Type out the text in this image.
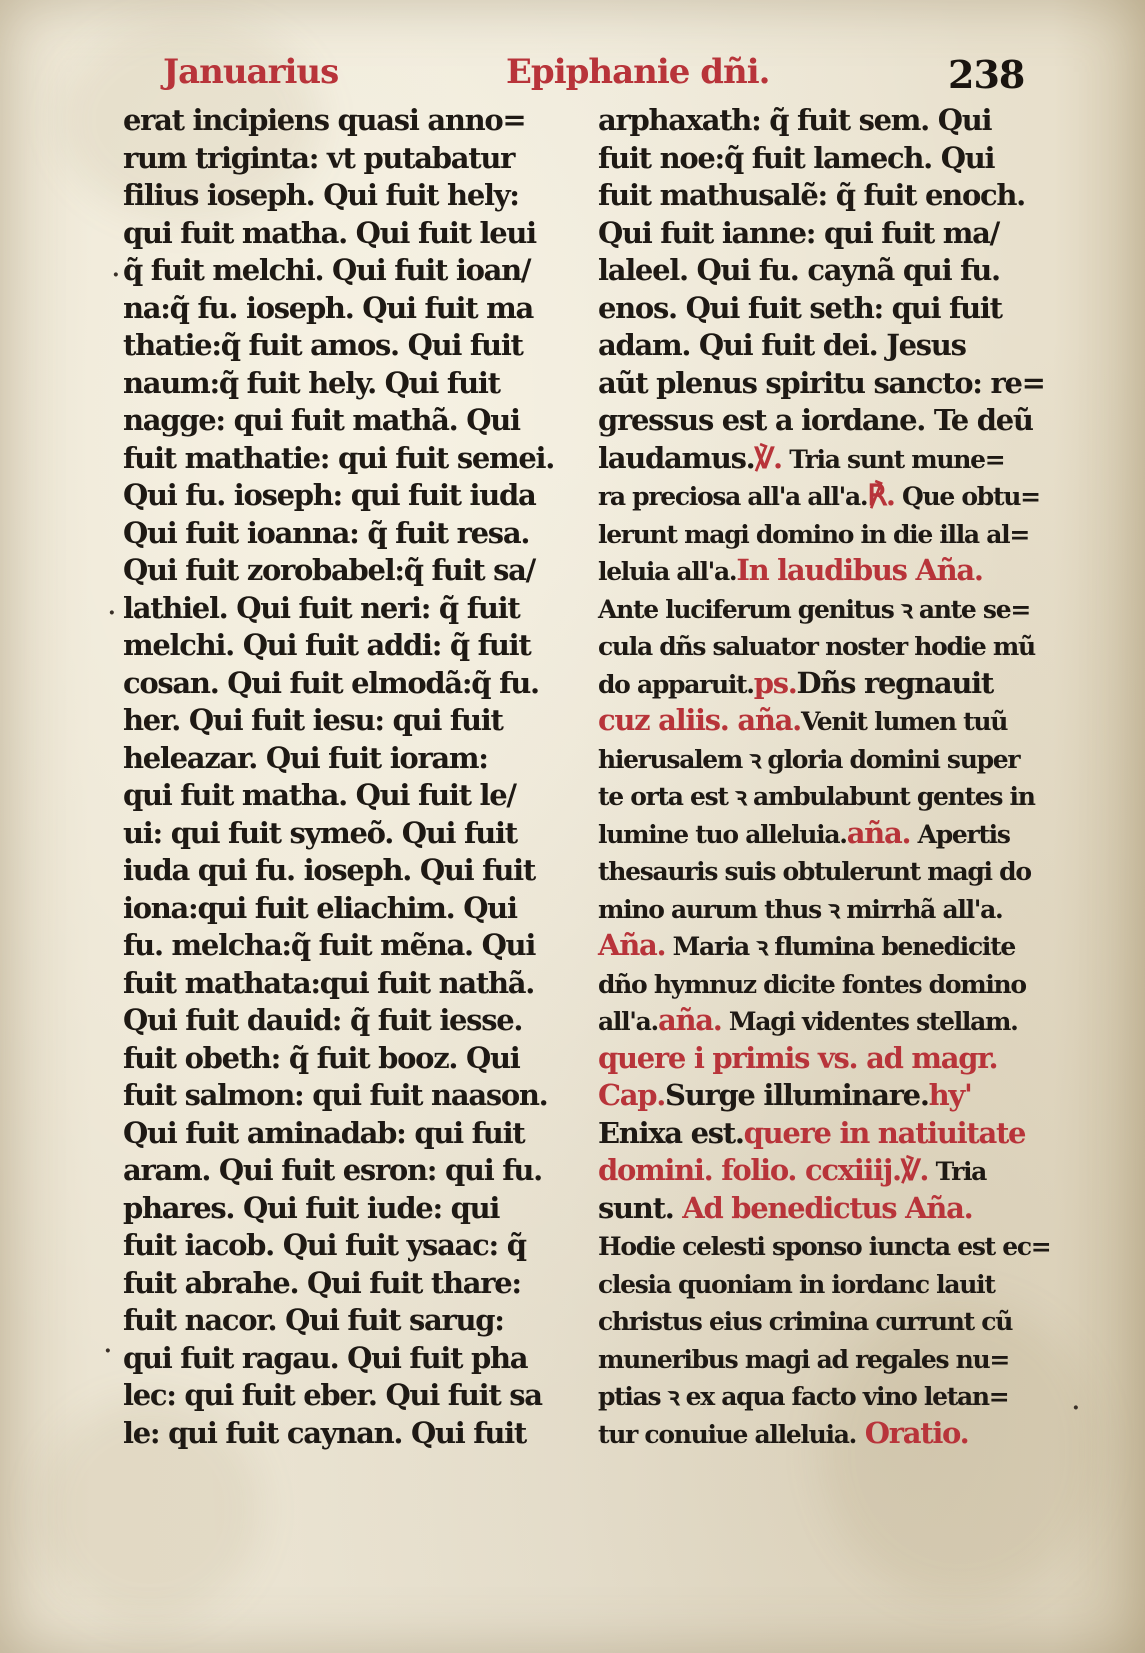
Januarius	Epiphanie dñi.	238
erat incipiens quasi anno=
rum triginta: vt putabatur
filius ioseph. Qui fuit hely:
qui fuit matha. Qui fuit leui
q̃ fuit melchi. Qui fuit ioan/
na:q̃ fu. ioseph. Qui fuit ma
thatie:q̃ fuit amos. Qui fuit
naum:q̃ fuit hely. Qui fuit
nagge: qui fuit mathã. Qui
fuit mathatie: qui fuit semei.
Qui fu. ioseph: qui fuit iuda
Qui fuit ioanna: q̃ fuit resa.
Qui fuit zorobabel:q̃ fuit sa/
lathiel. Qui fuit neri: q̃ fuit
melchi. Qui fuit addi: q̃ fuit
cosan. Qui fuit elmodã:q̃ fu.
her. Qui fuit iesu: qui fuit
heleazar. Qui fuit ioram:
qui fuit matha. Qui fuit le/
ui: qui fuit symeõ. Qui fuit
iuda qui fu. ioseph. Qui fuit
iona:qui fuit eliachim. Qui
fu. melcha:q̃ fuit mẽna. Qui
fuit mathata:qui fuit nathã.
Qui fuit dauid: q̃ fuit iesse.
fuit obeth: q̃ fuit booz. Qui
fuit salmon: qui fuit naason.
Qui fuit aminadab: qui fuit
aram. Qui fuit esron: qui fu.
phares. Qui fuit iude: qui
fuit iacob. Qui fuit ysaac: q̃
fuit abrahe. Qui fuit thare:
fuit nacor. Qui fuit sarug:
qui fuit ragau. Qui fuit pha
lec: qui fuit eber. Qui fuit sa
le: qui fuit caynan. Qui fuit
arphaxath: q̃ fuit sem. Qui
fuit noe:q̃ fuit lamech. Qui
fuit mathusalẽ: q̃ fuit enoch.
Qui fuit ianne: qui fuit ma/
laleel. Qui fu. caynã qui fu.
enos. Qui fuit seth: qui fuit
adam. Qui fuit dei. Jesus
aũt plenus spiritu sancto: re=
gressus est a iordane. Te deũ
laudamus.℣. Tria sunt mune=
ra preciosa all'a all'a.℟. Que obtu=
lerunt magi domino in die illa al=
leluia all'a.In laudibus Aña.
Ante luciferum genitus ꝛ ante se=
cula dñs saluator noster hodie mũ
do apparuit.ps.Dñs regnauit
cuz aliis. aña.Venit lumen tuũ
hierusalem ꝛ gloria domini super
te orta est ꝛ ambulabunt gentes in
lumine tuo alleluia.aña. Apertis
thesauris suis obtulerunt magi do
mino aurum thus ꝛ mirrhã all'a.
Aña. Maria ꝛ flumina benedicite
dño hymnuz dicite fontes domino
all'a.aña. Magi videntes stellam.
quere i primis vs. ad magr.
Cap.Surge illuminare.hy'
Enixa est.quere in natiuitate
domini. folio. ccxiiij.℣. Tria
sunt. Ad benedictus Aña.
Hodie celesti sponso iuncta est ec=
clesia quoniam in iordanc lauit
christus eius crimina currunt cũ
muneribus magi ad regales nu=
ptias ꝛ ex aqua facto vino letan=
tur conuiue alleluia. Oratio.
·
·
·
·
